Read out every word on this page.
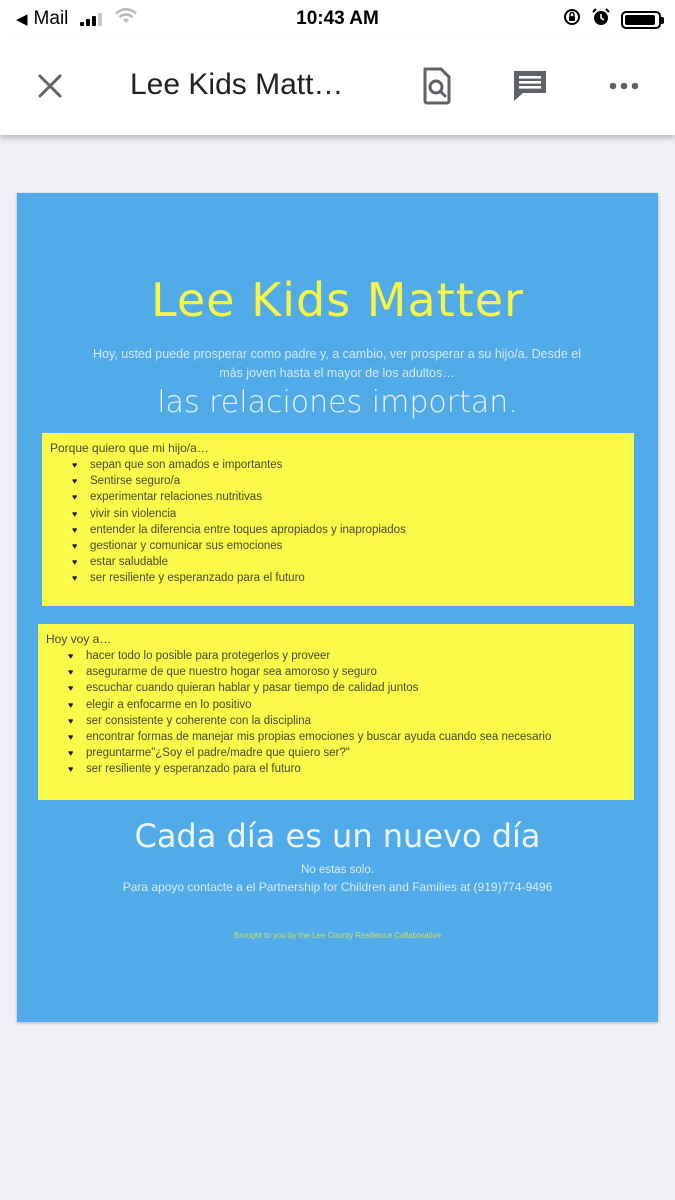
◀ Mail	10:43 AM
Lee Kids Matt…
Lee Kids Matter
Hoy, usted puede prosperar como padre y, a cambio, ver prosperar a su hijo/a. Desde el
más joven hasta el mayor de los adultos…
las relaciones importan.
Porque quiero que mi hijo/a…
♥	sepan que son amados e importantes
♥	Sentirse seguro/a
♥	experimentar relaciones nutritivas
♥	vivir sin violencia
♥	entender la diferencia entre toques apropiados y inapropiados
♥	gestionar y comunicar sus emociones
♥	estar saludable
♥	ser resiliente y esperanzado para el futuro
Hoy voy a…
♥	hacer todo lo posible para protegerlos y proveer
♥	asegurarme de que nuestro hogar sea amoroso y seguro
♥	escuchar cuando quieran hablar y pasar tiempo de calidad juntos
♥	elegir a enfocarme en lo positivo
♥	ser consistente y coherente con la disciplina
♥	encontrar formas de manejar mis propias emociones y buscar ayuda cuando sea necesario
♥	preguntarme"¿Soy el padre/madre que quiero ser?"
♥	ser resiliente y esperanzado para el futuro
Cada día es un nuevo día
No estas solo.
Para apoyo contacte a el Partnership for Children and Families at (919)774-9496
Brought to you by the Lee County Resilience Collaborative
